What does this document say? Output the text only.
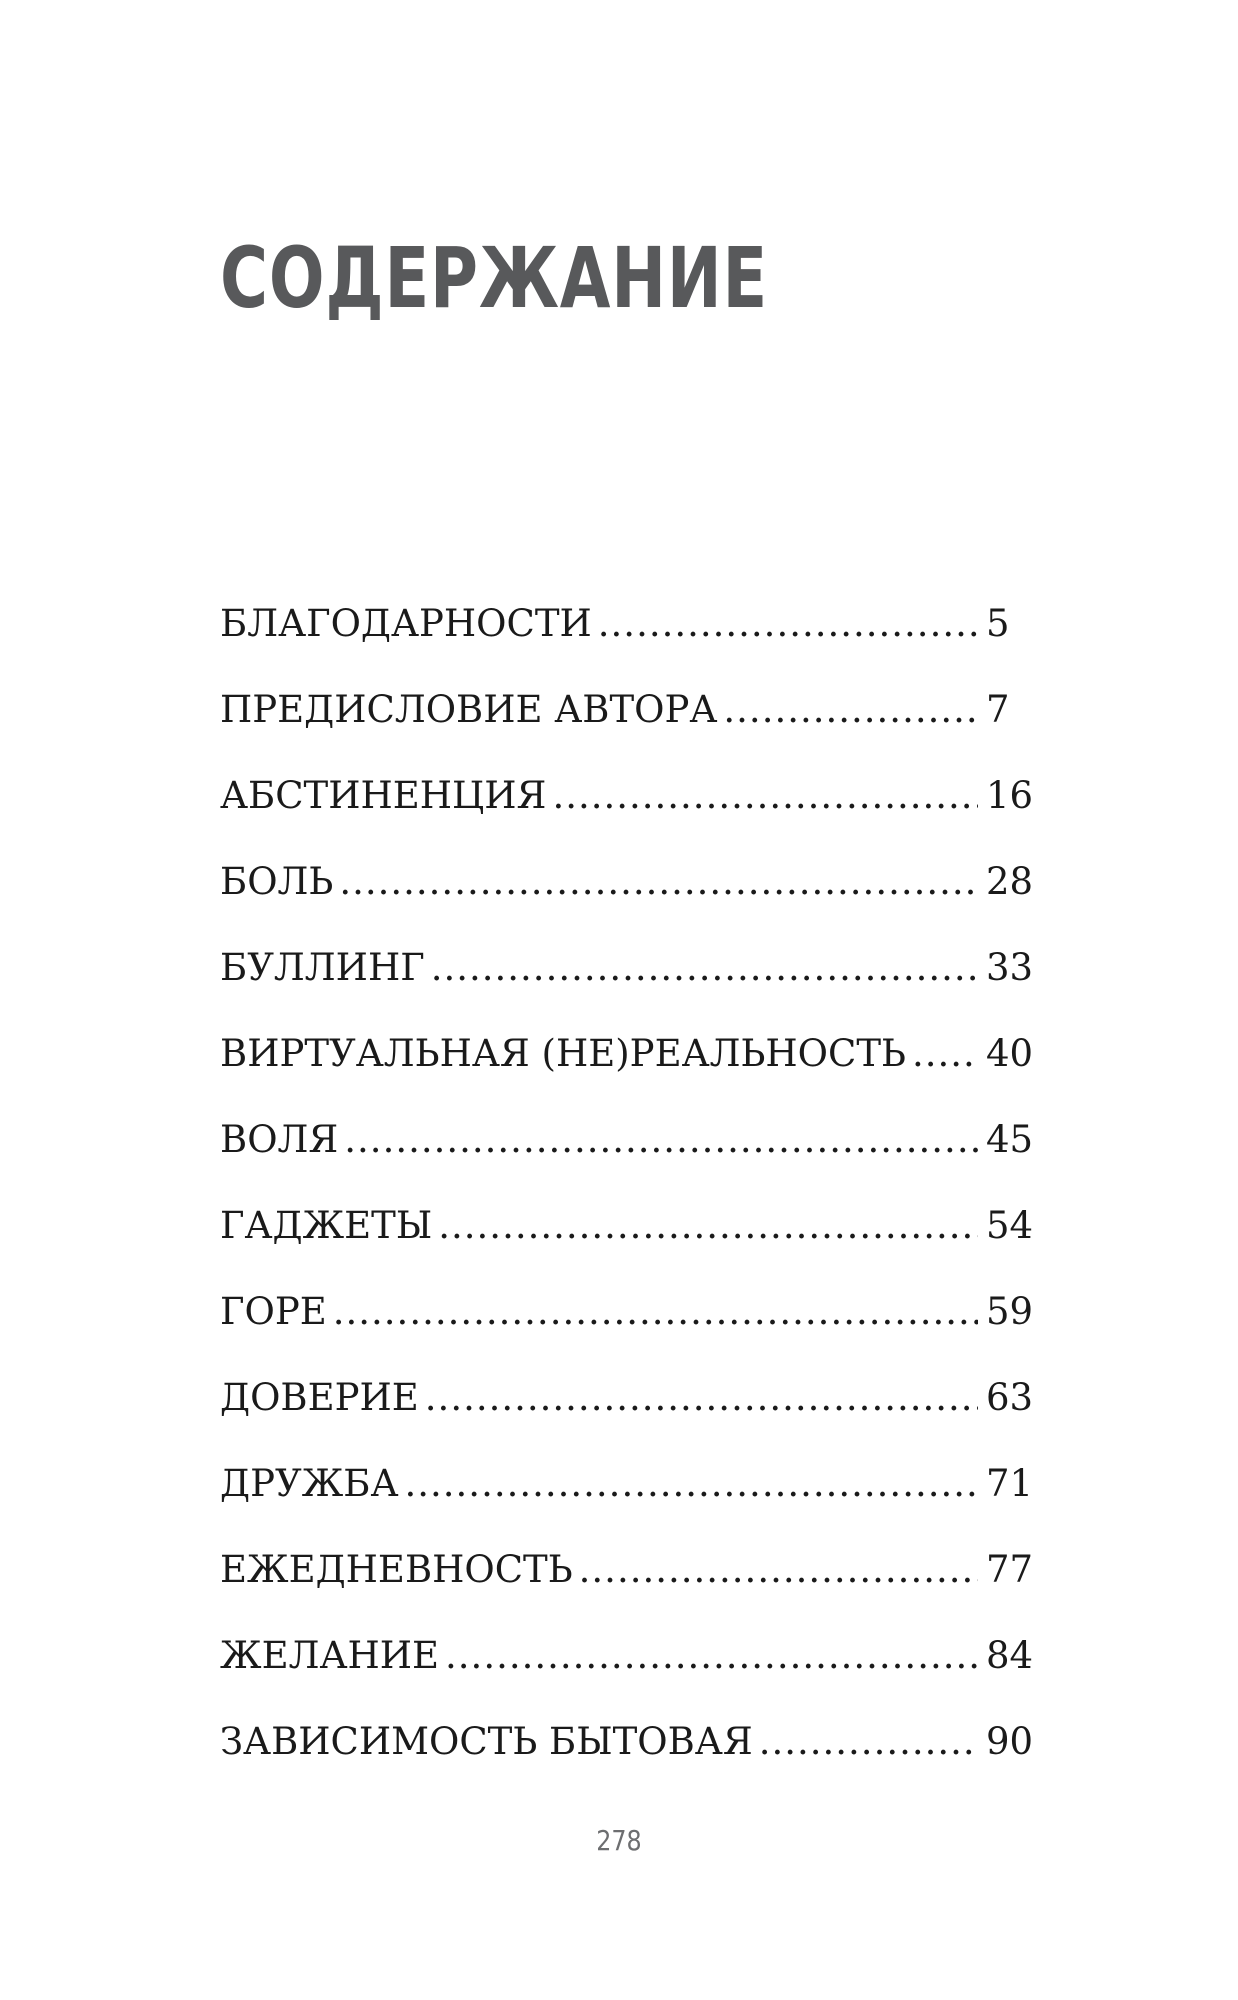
СОДЕРЖАНИЕ
БЛАГОДАРНОСТИ .....	5
ПРЕДИСЛОВИЕ АВТОРА .....	7
АБСТИНЕНЦИЯ .....	16
БОЛЬ .....	28
БУЛЛИНГ .....	33
ВИРТУАЛЬНАЯ (НЕ)РЕАЛЬНОСТЬ ..... 40
ВОЛЯ .....	45
ГАДЖЕТЫ .....	54
ГОРЕ .....	59
ДОВЕРИЕ .....	63
ДРУЖБА .....	71
ЕЖЕДНЕВНОСТЬ .....	77
ЖЕЛАНИЕ .....	84
ЗАВИСИМОСТЬ БЫТОВАЯ .....	90

278
